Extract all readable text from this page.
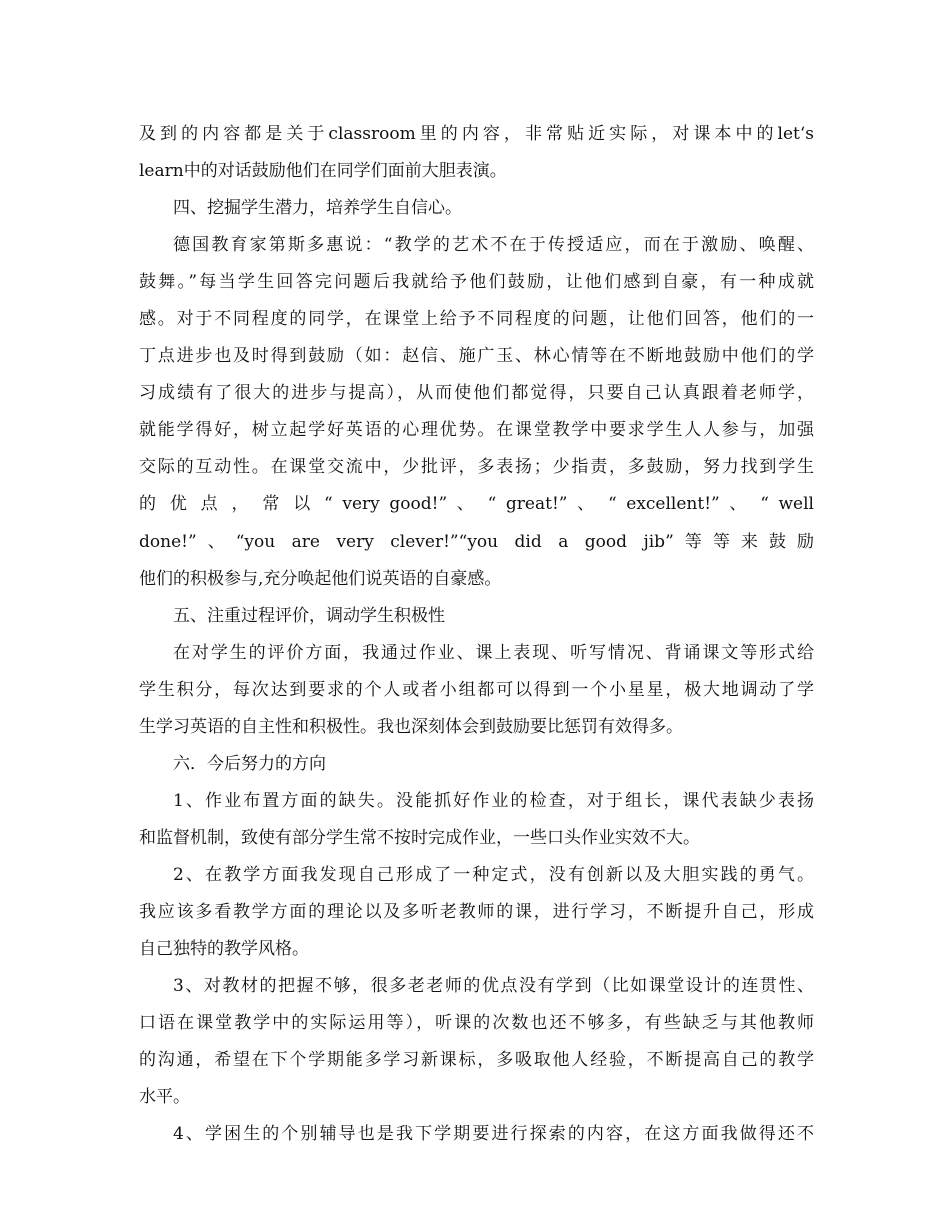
及到的内容都是关于classroom里的内容，非常贴近实际，对课本中的let‘s
learn中的对话鼓励他们在同学们面前大胆表演。
四、挖掘学生潜力，培养学生自信心。
德国教育家第斯多惠说：“教学的艺术不在于传授适应，而在于激励、唤醒、
鼓舞。”每当学生回答完问题后我就给予他们鼓励，让他们感到自豪，有一种成就
感。对于不同程度的同学，在课堂上给予不同程度的问题，让他们回答，他们的一
丁点进步也及时得到鼓励（如：赵信、施广玉、林心情等在不断地鼓励中他们的学
习成绩有了很大的进步与提高），从而使他们都觉得，只要自己认真跟着老师学，
就能学得好，树立起学好英语的心理优势。在课堂教学中要求学生人人参与，加强
交际的互动性。在课堂交流中，少批评，多表扬；少指责，多鼓励，努力找到学生
的 优 点 ， 常 以 “ very good!” 、 “ great!” 、 “ excellent!” 、 “ well
done!”、“you are very clever!”“you did a good jib”等等来鼓励
他们的积极参与,充分唤起他们说英语的自豪感。
五、注重过程评价，调动学生积极性
在对学生的评价方面，我通过作业、课上表现、听写情况、背诵课文等形式给
学生积分，每次达到要求的个人或者小组都可以得到一个小星星，极大地调动了学
生学习英语的自主性和积极性。我也深刻体会到鼓励要比惩罚有效得多。
六．今后努力的方向
1、作业布置方面的缺失。没能抓好作业的检查，对于组长，课代表缺少表扬
和监督机制，致使有部分学生常不按时完成作业，一些口头作业实效不大。
2、在教学方面我发现自己形成了一种定式，没有创新以及大胆实践的勇气。
我应该多看教学方面的理论以及多听老教师的课，进行学习，不断提升自己，形成
自己独特的教学风格。
3、对教材的把握不够，很多老老师的优点没有学到（比如课堂设计的连贯性、
口语在课堂教学中的实际运用等），听课的次数也还不够多，有些缺乏与其他教师
的沟通，希望在下个学期能多学习新课标，多吸取他人经验，不断提高自己的教学
水平。
4、学困生的个别辅导也是我下学期要进行探索的内容，在这方面我做得还不
